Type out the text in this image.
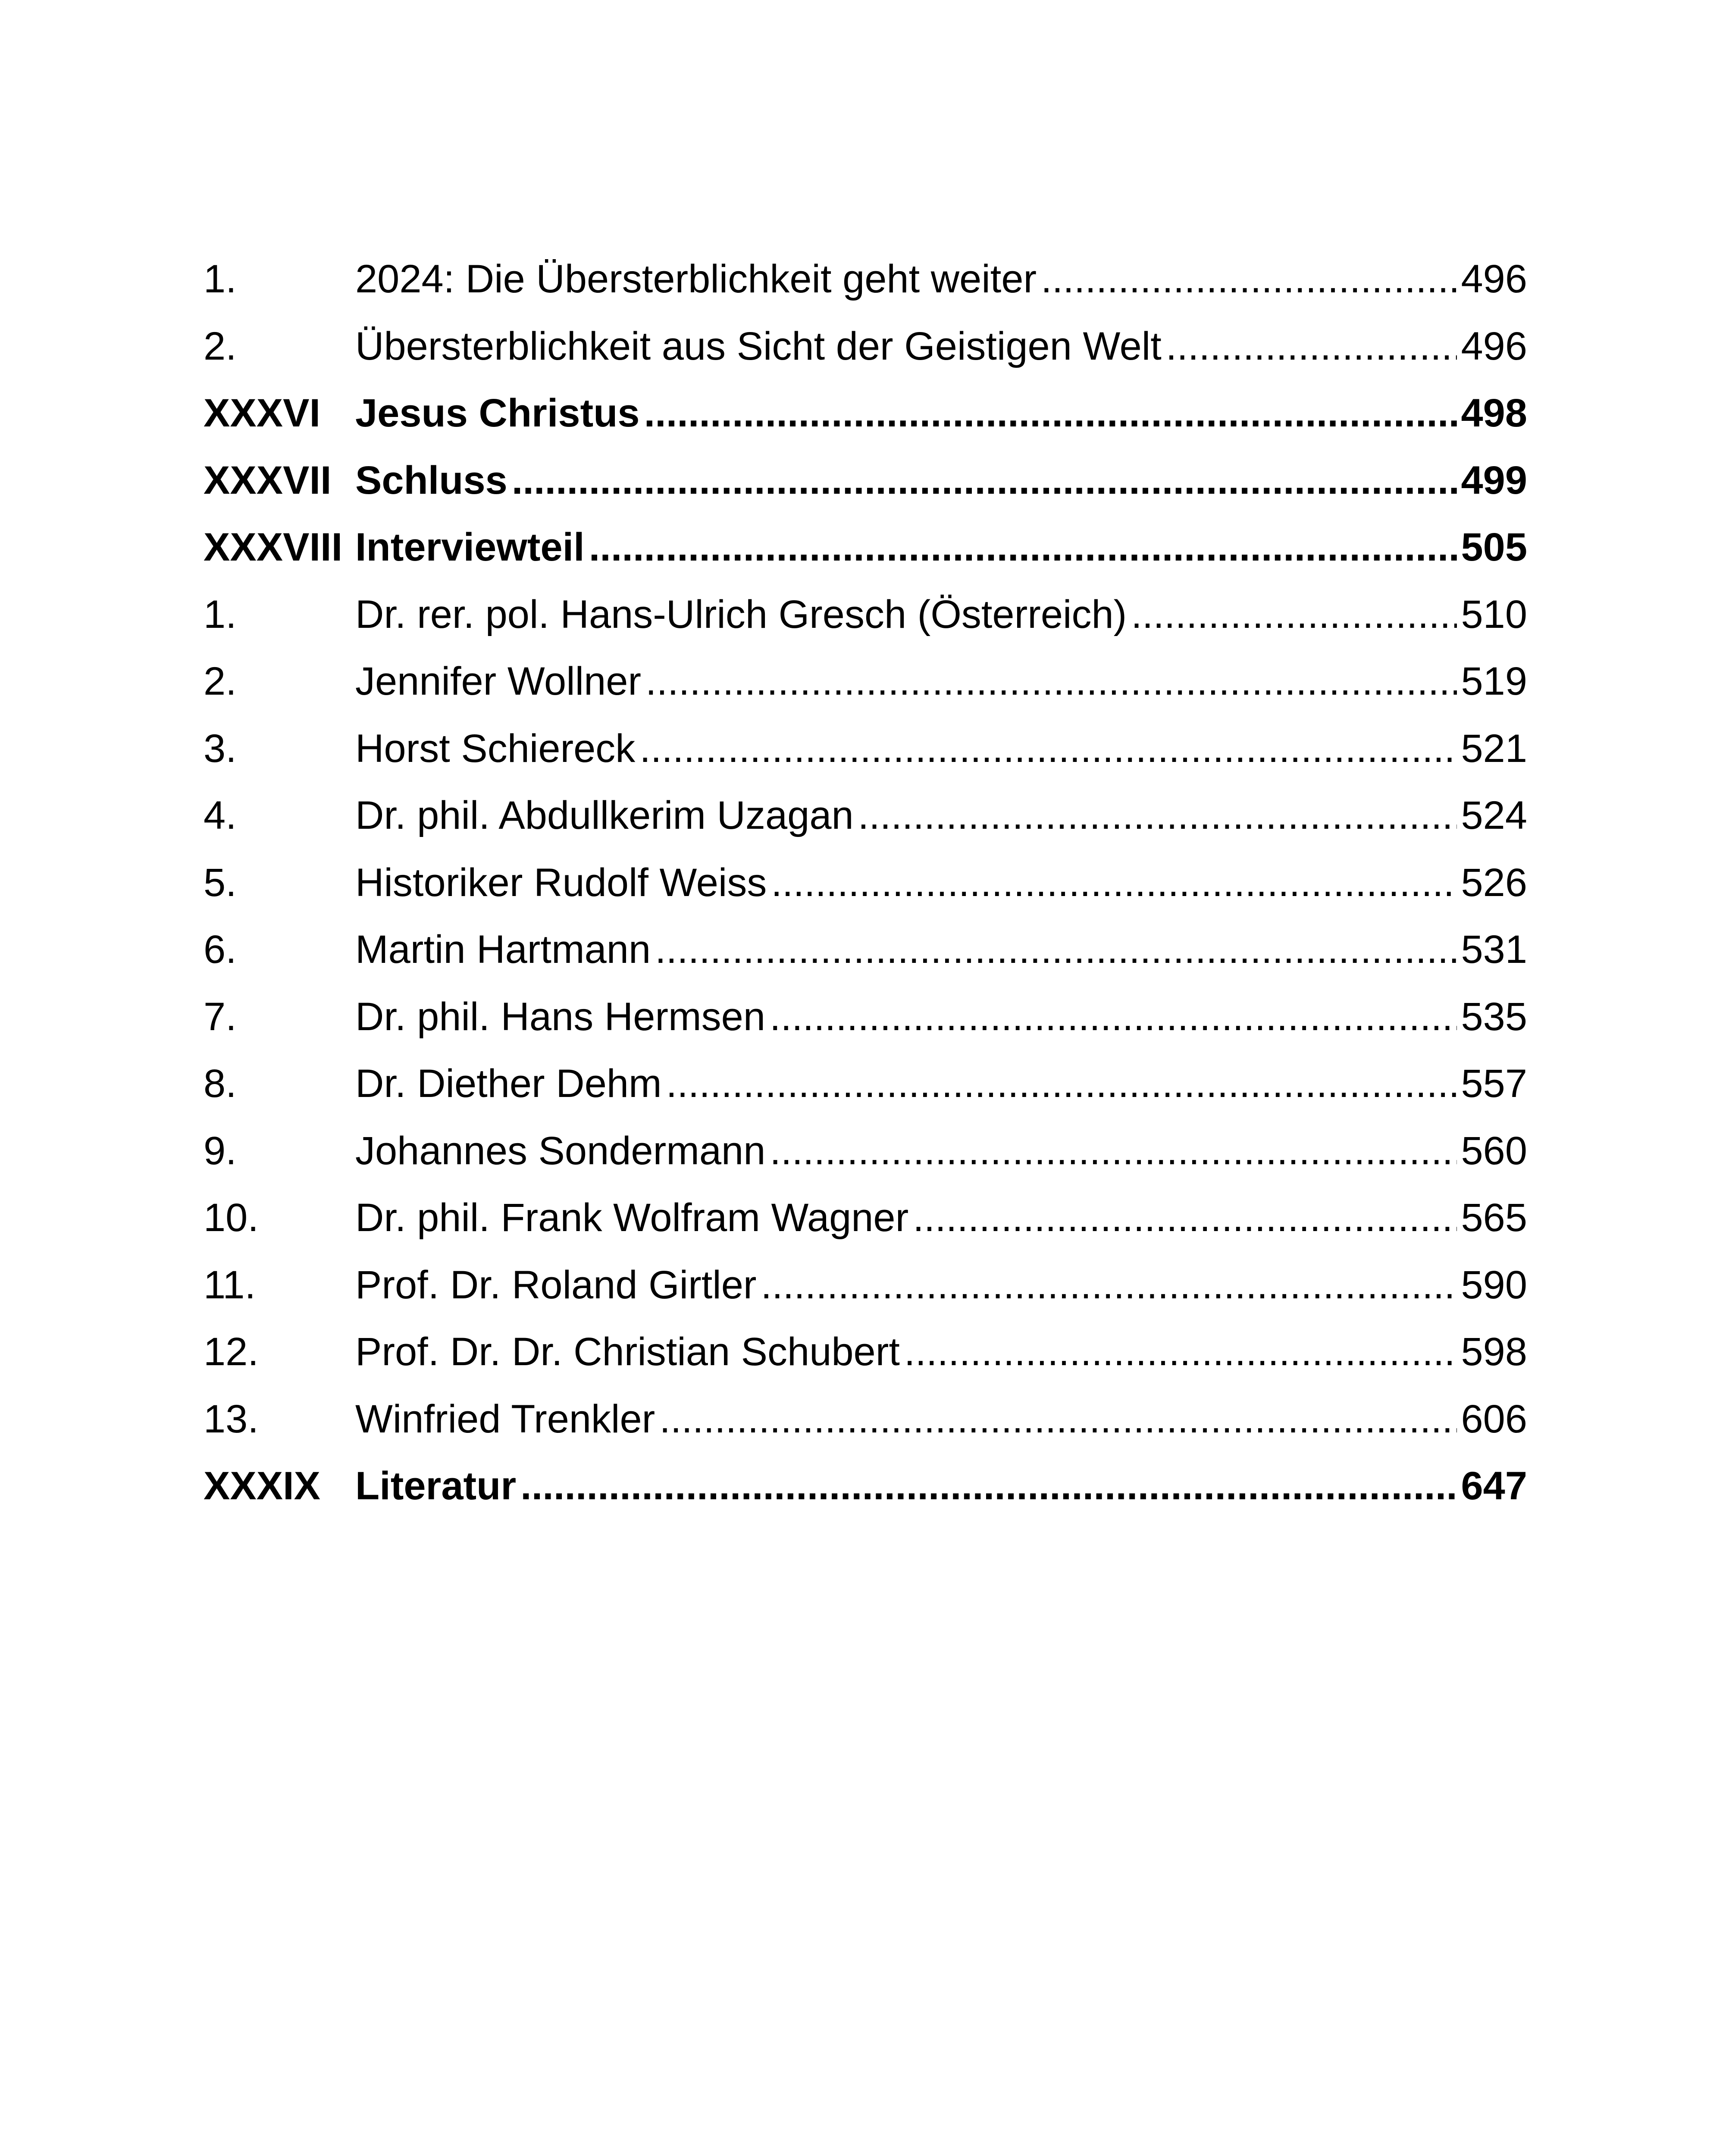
1.	2024: Die Übersterblichkeit geht weiter .....	496
2.	Übersterblichkeit aus Sicht der Geistigen Welt .....	496
XXXVI Jesus Christus .....	498
XXXVII Schluss .....	499
XXXVIII Interviewteil .....	505
1.	Dr. rer. pol. Hans-Ulrich Gresch (Österreich) .....	510
2.	Jennifer Wollner .....	519
3.	Horst Schiereck .....	521
4.	Dr. phil. Abdullkerim Uzagan .....	524
5.	Historiker Rudolf Weiss .....	526
6.	Martin Hartmann .....	531
7.	Dr. phil. Hans Hermsen .....	535
8.	Dr. Diether Dehm .....	557
9.	Johannes Sondermann .....	560
10.	Dr. phil. Frank Wolfram Wagner .....	565
11.	Prof. Dr. Roland Girtler .....	590
12.	Prof. Dr. Dr. Christian Schubert .....	598
13.	Winfried Trenkler .....	606
XXXIX Literatur .....	647
